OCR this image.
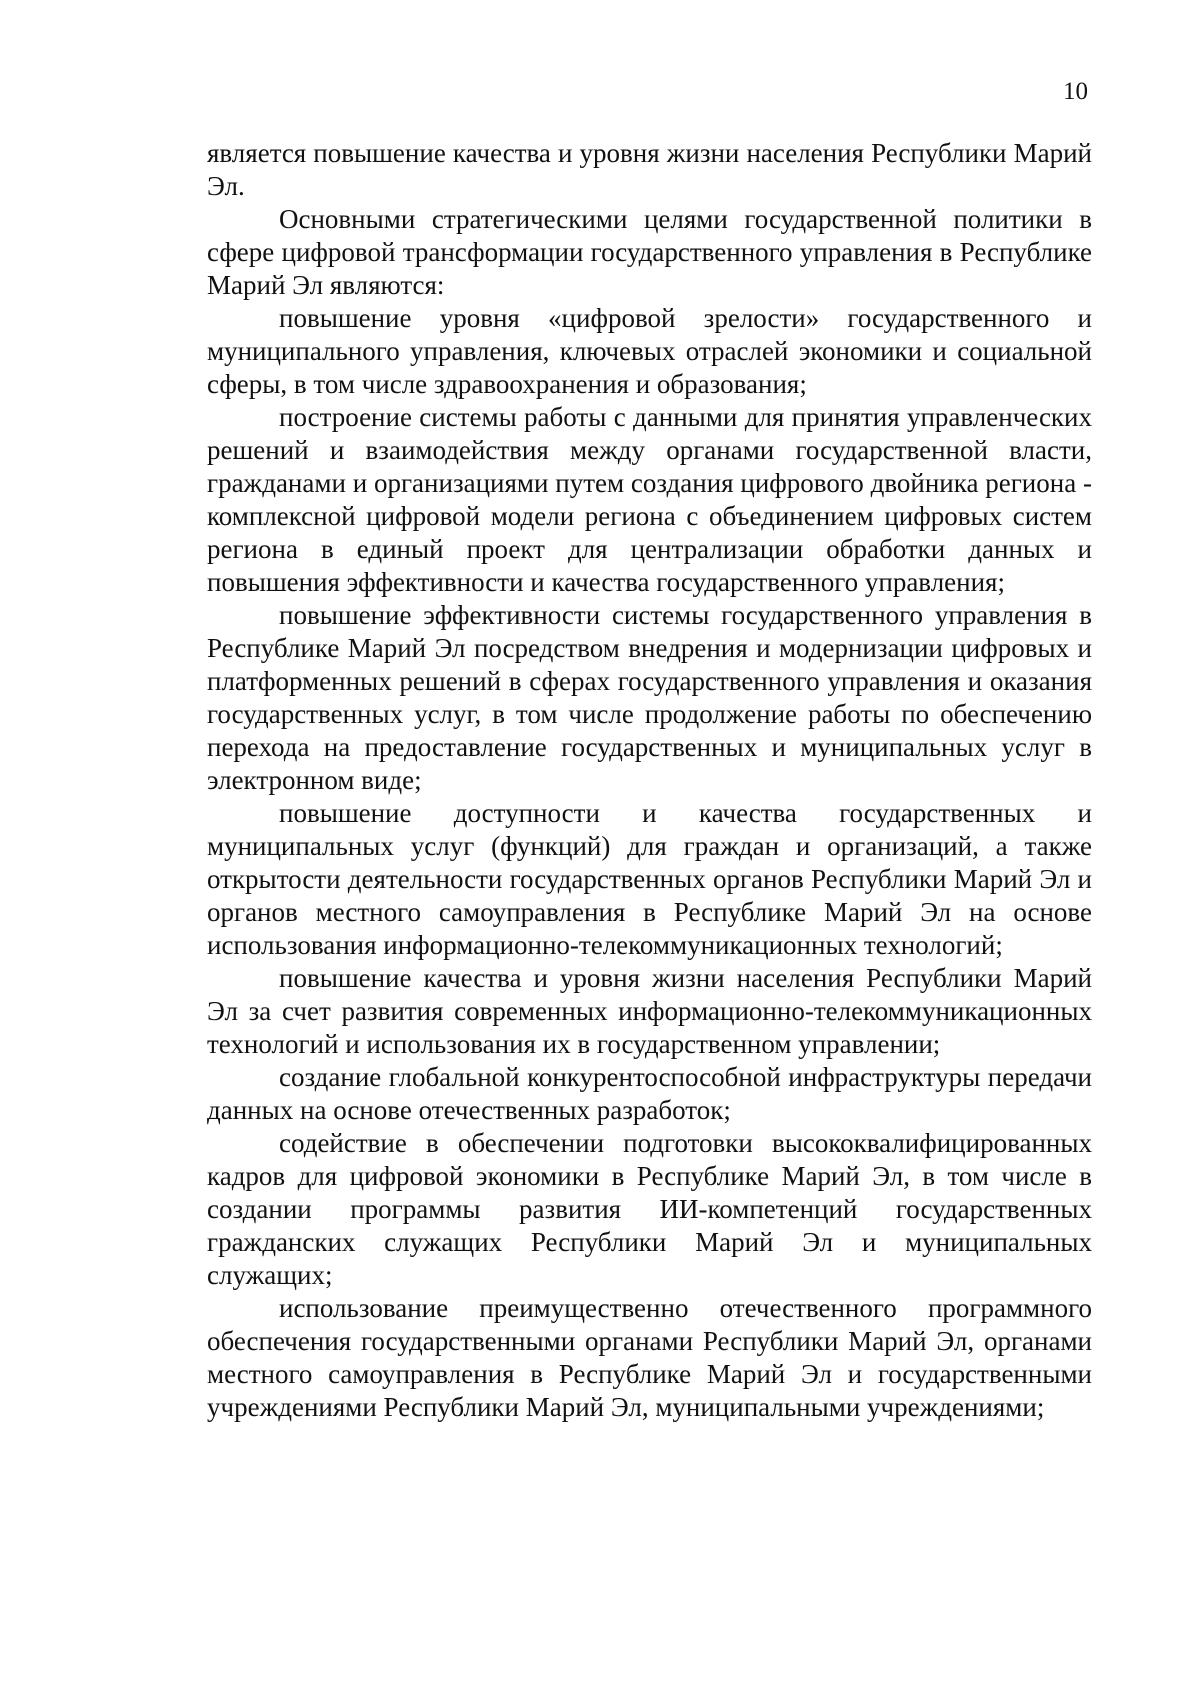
10

является повышение качества и уровня жизни населения Республики Марий Эл.

Основными стратегическими целями государственной политики в сфере цифровой трансформации государственного управления в Республике Марий Эл являются:

повышение уровня «цифровой зрелости» государственного и муниципального управления, ключевых отраслей экономики и социальной сферы, в том числе здравоохранения и образования;

построение системы работы с данными для принятия управленческих решений и взаимодействия между органами государственной власти, гражданами и организациями путем создания цифрового двойника региона - комплексной цифровой модели региона с объединением цифровых систем региона в единый проект для централизации обработки данных и повышения эффективности и качества государственного управления;

повышение эффективности системы государственного управления в Республике Марий Эл посредством внедрения и модернизации цифровых и платформенных решений в сферах государственного управления и оказания государственных услуг, в том числе продолжение работы по обеспечению перехода на предоставление государственных и муниципальных услуг в электронном виде;

повышение доступности и качества государственных и муниципальных услуг (функций) для граждан и организаций, а также открытости деятельности государственных органов Республики Марий Эл и органов местного самоуправления в Республике Марий Эл на основе использования информационно-телекоммуникационных технологий;

повышение качества и уровня жизни населения Республики Марий Эл за счет развития современных информационно-телекоммуникационных технологий и использования их в государственном управлении;

создание глобальной конкурентоспособной инфраструктуры передачи данных на основе отечественных разработок;

содействие в обеспечении подготовки высококвалифицированных кадров для цифровой экономики в Республике Марий Эл, в том числе в создании программы развития ИИ-компетенций государственных гражданских служащих Республики Марий Эл и муниципальных служащих;

использование преимущественно отечественного программного обеспечения государственными органами Республики Марий Эл, органами местного самоуправления в Республике Марий Эл и государственными учреждениями Республики Марий Эл, муниципальными учреждениями;
